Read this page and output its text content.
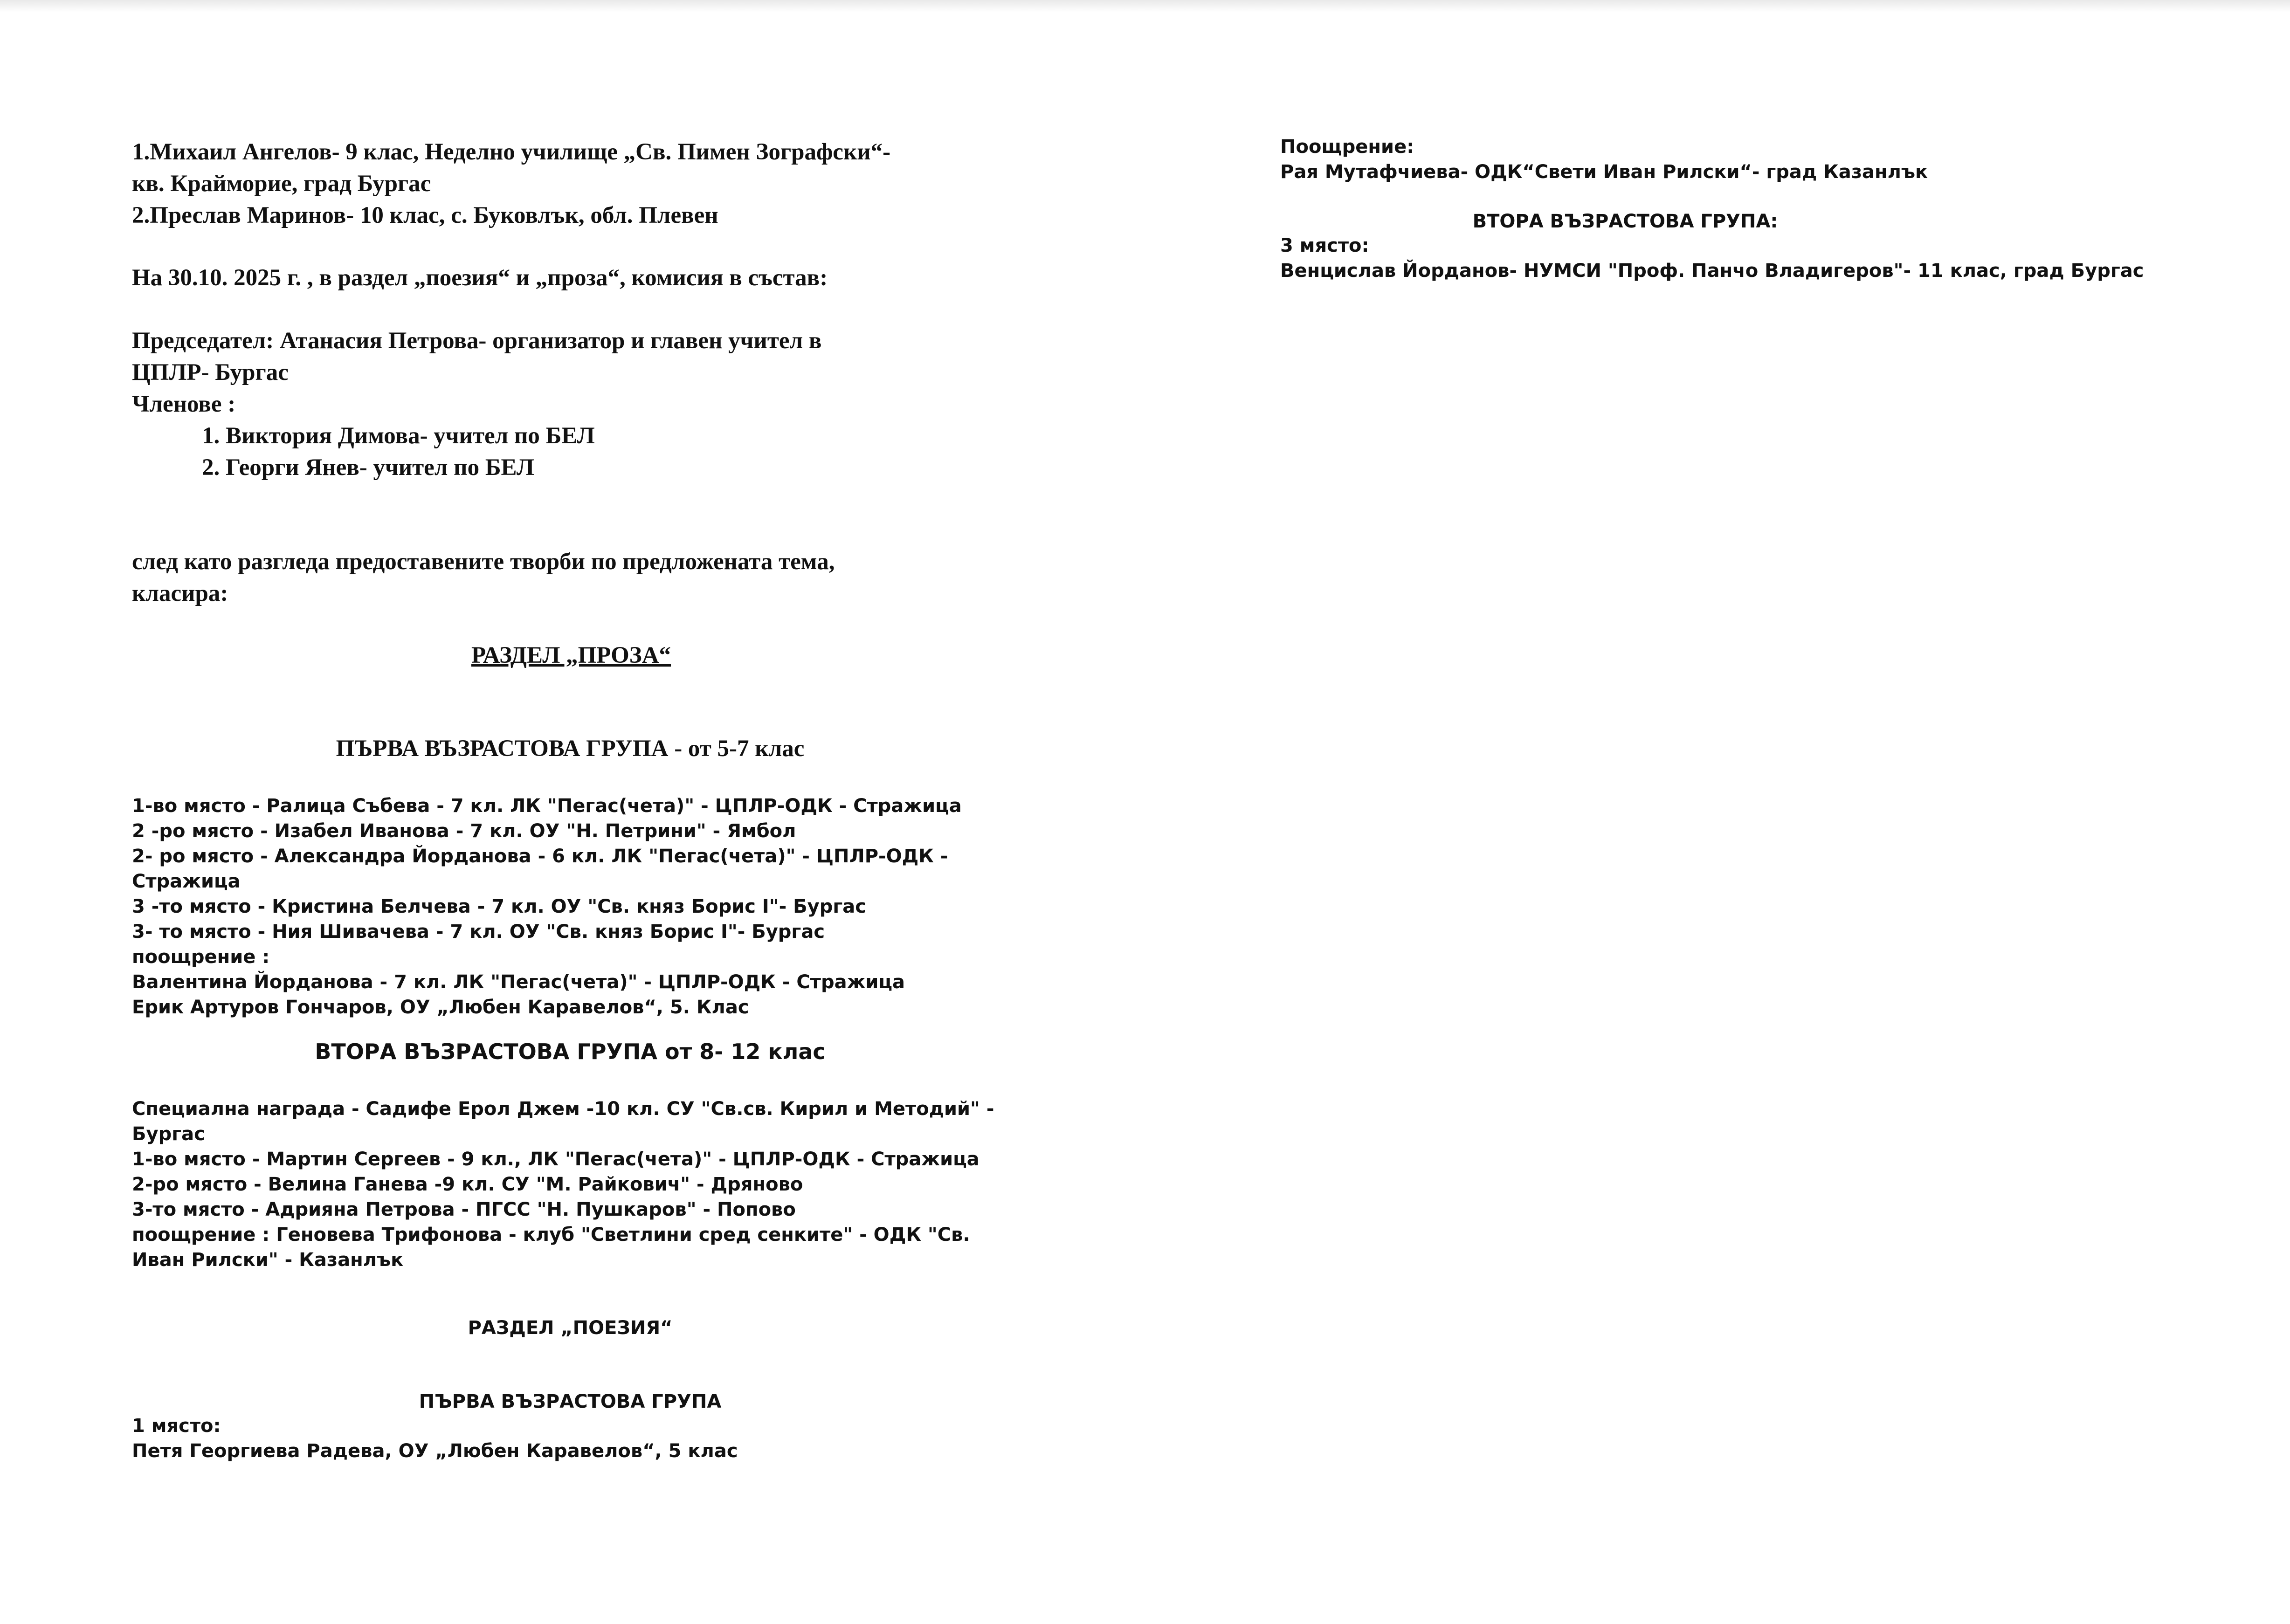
1.Михаил Ангелов- 9 клас, Неделно училище „Св. Пимен Зографски“-
кв. Крайморие, град Бургас
2.Преслав Маринов- 10 клас, с. Буковлък, обл. Плевен
На 30.10. 2025 г. , в раздел „поезия“ и „проза“, комисия в състав:
Председател: Атанасия Петрова- организатор и главен учител в
ЦПЛР- Бургас
Членове :
1. Виктория Димова- учител по БЕЛ
2. Георги Янев- учител по БЕЛ
след като разгледа предоставените творби по предложената тема,
класира:
РАЗДЕЛ „ПРОЗА“
ПЪРВА ВЪЗРАСТОВА ГРУПА - от 5-7 клас
1-во място - Ралица Събева - 7 кл. ЛК "Пегас(чета)" - ЦПЛР-ОДК - Стражица
2 -ро място - Изабел Иванова - 7 кл. ОУ "Н. Петрини" - Ямбол
2- ро място - Александра Йорданова - 6 кл. ЛК "Пегас(чета)" - ЦПЛР-ОДК -
Стражица
3 -то място - Кристина Белчева - 7 кл. ОУ "Св. княз Борис I"- Бургас
3- то място - Ния Шивачева - 7 кл. ОУ "Св. княз Борис I"- Бургас
поощрение :
Валентина Йорданова - 7 кл. ЛК "Пегас(чета)" - ЦПЛР-ОДК - Стражица
Ерик Артуров Гончаров, ОУ „Любен Каравелов“, 5. Клас
ВТОРА ВЪЗРАСТОВА ГРУПА от 8- 12 клас
Специална награда - Садифе Ерол Джем -10 кл. СУ "Св.св. Кирил и Методий" -
Бургас
1-во място - Мартин Сергеев - 9 кл., ЛК "Пегас(чета)" - ЦПЛР-ОДК - Стражица
2-ро място - Велина Ганева -9 кл. СУ "М. Райкович" - Дряново
3-то място - Адрияна Петрова - ПГСС "Н. Пушкаров" - Попово
поощрение : Геновева Трифонова - клуб "Светлини сред сенките" - ОДК "Св.
Иван Рилски" - Казанлък
РАЗДЕЛ „ПОЕЗИЯ“
ПЪРВА ВЪЗРАСТОВА ГРУПА
1 място:
Петя Георгиева Радева, ОУ „Любен Каравелов“, 5 клас
Поощрение:
Рая Мутафчиева- ОДК“Свети Иван Рилски“- град Казанлък
ВТОРА ВЪЗРАСТОВА ГРУПА:
3 място:
Венцислав Йорданов- НУМСИ "Проф. Панчо Владигеров"- 11 клас, град Бургас
